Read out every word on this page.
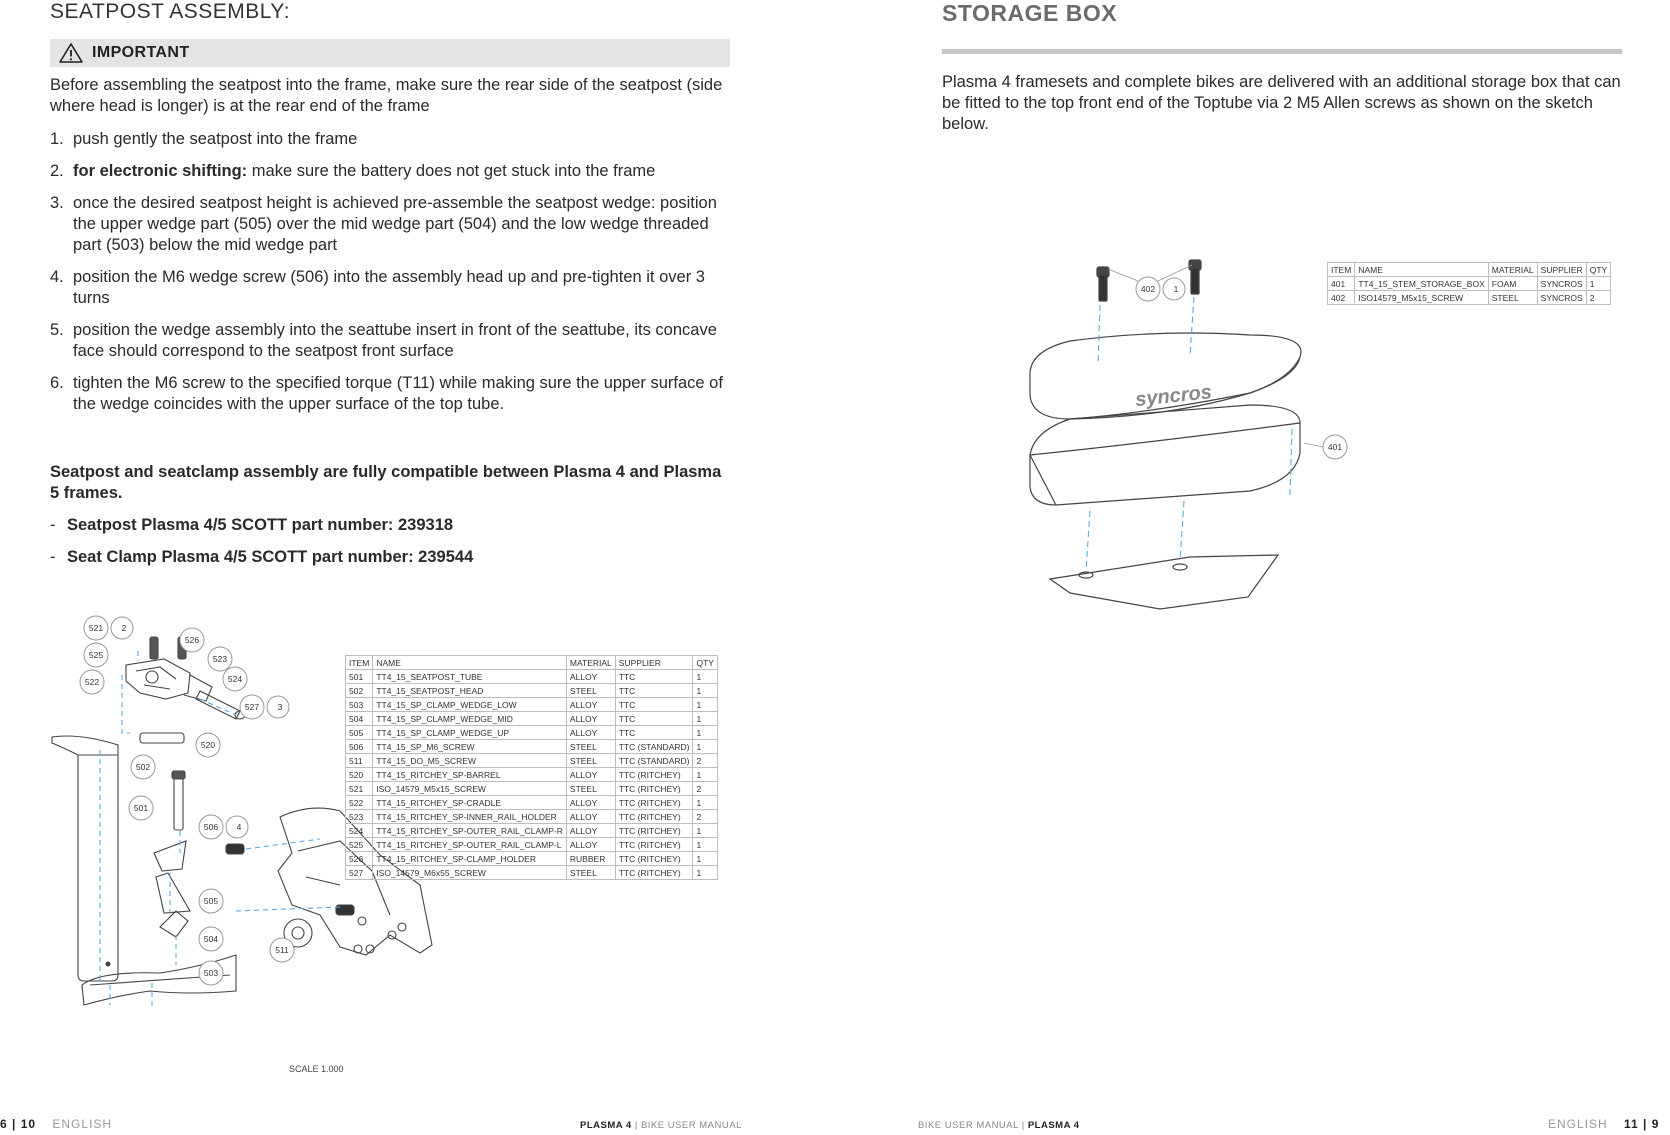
SEATPOST ASSEMBLY:
IMPORTANT
Before assembling the seatpost into the frame, make sure the rear side of the seatpost (side where head is longer) is at the rear end of the frame
1. push gently the seatpost into the frame
2. for electronic shifting: make sure the battery does not get stuck into the frame
3. once the desired seatpost height is achieved pre-assemble the seatpost wedge: position the upper wedge part (505) over the mid wedge part (504) and the low wedge threaded part (503) below the mid wedge part
4. position the M6 wedge screw (506) into the assembly head up and pre-tighten it over 3 turns
5. position the wedge assembly into the seattube insert in front of the seattube, its concave face should correspond to the seatpost front surface
6. tighten the M6 screw to the specified torque (T11) while making sure the upper surface of the wedge coincides with the upper surface of the top tube.
Seatpost and seatclamp assembly are fully compatible between Plasma 4 and Plasma 5 frames.
- Seatpost Plasma 4/5 SCOTT part number: 239318
- Seat Clamp Plasma 4/5 SCOTT part number: 239544
521 2
526
525	523
522	524
527 3
520
502
501
506 4
505
504
503
511
SCALE 1.000
ITEM	NAME	MATERIAL	SUPPLIER	QTY
501	TT4_15_SEATPOST_TUBE	ALLOY	TTC	1
502	TT4_15_SEATPOST_HEAD	STEEL	TTC	1
503	TT4_15_SP_CLAMP_WEDGE_LOW	ALLOY	TTC	1
504	TT4_15_SP_CLAMP_WEDGE_MID	ALLOY	TTC	1
505	TT4_15_SP_CLAMP_WEDGE_UP	ALLOY	TTC	1
506	TT4_15_SP_M6_SCREW	STEEL	TTC (STANDARD)	1
511	TT4_15_DO_M5_SCREW	STEEL	TTC (STANDARD)	2
520	TT4_15_RITCHEY_SP-BARREL	ALLOY	TTC (RITCHEY)	1
521	ISO_14579_M5x15_SCREW	STEEL	TTC (RITCHEY)	2
522	TT4_15_RITCHEY_SP-CRADLE	ALLOY	TTC (RITCHEY)	1
523	TT4_15_RITCHEY_SP-INNER_RAIL_HOLDER	ALLOY	TTC (RITCHEY)	2
524	TT4_15_RITCHEY_SP-OUTER_RAIL_CLAMP-R	ALLOY	TTC (RITCHEY)	1
525	TT4_15_RITCHEY_SP-OUTER_RAIL_CLAMP-L	ALLOY	TTC (RITCHEY)	1
526	TT4_15_RITCHEY_SP-CLAMP_HOLDER	RUBBER	TTC (RITCHEY)	1
527	ISO_14579_M6x55_SCREW	STEEL	TTC (RITCHEY)	1
STORAGE BOX
Plasma 4 framesets and complete bikes are delivered with an additional storage box that can be fitted to the top front end of the Toptube via 2 M5 Allen screws as shown on the sketch below.
syncros
402 1
401
ITEM	NAME	MATERIAL	SUPPLIER	QTY
401	TT4_15_STEM_STORAGE_BOX	FOAM	SYNCROS	1
402	ISO14579_M5x15_SCREW	STEEL	SYNCROS	2
6 | 10 ENGLISH	PLASMA 4 | BIKE USER MANUAL	BIKE USER MANUAL | PLASMA 4	ENGLISH 11 | 9
